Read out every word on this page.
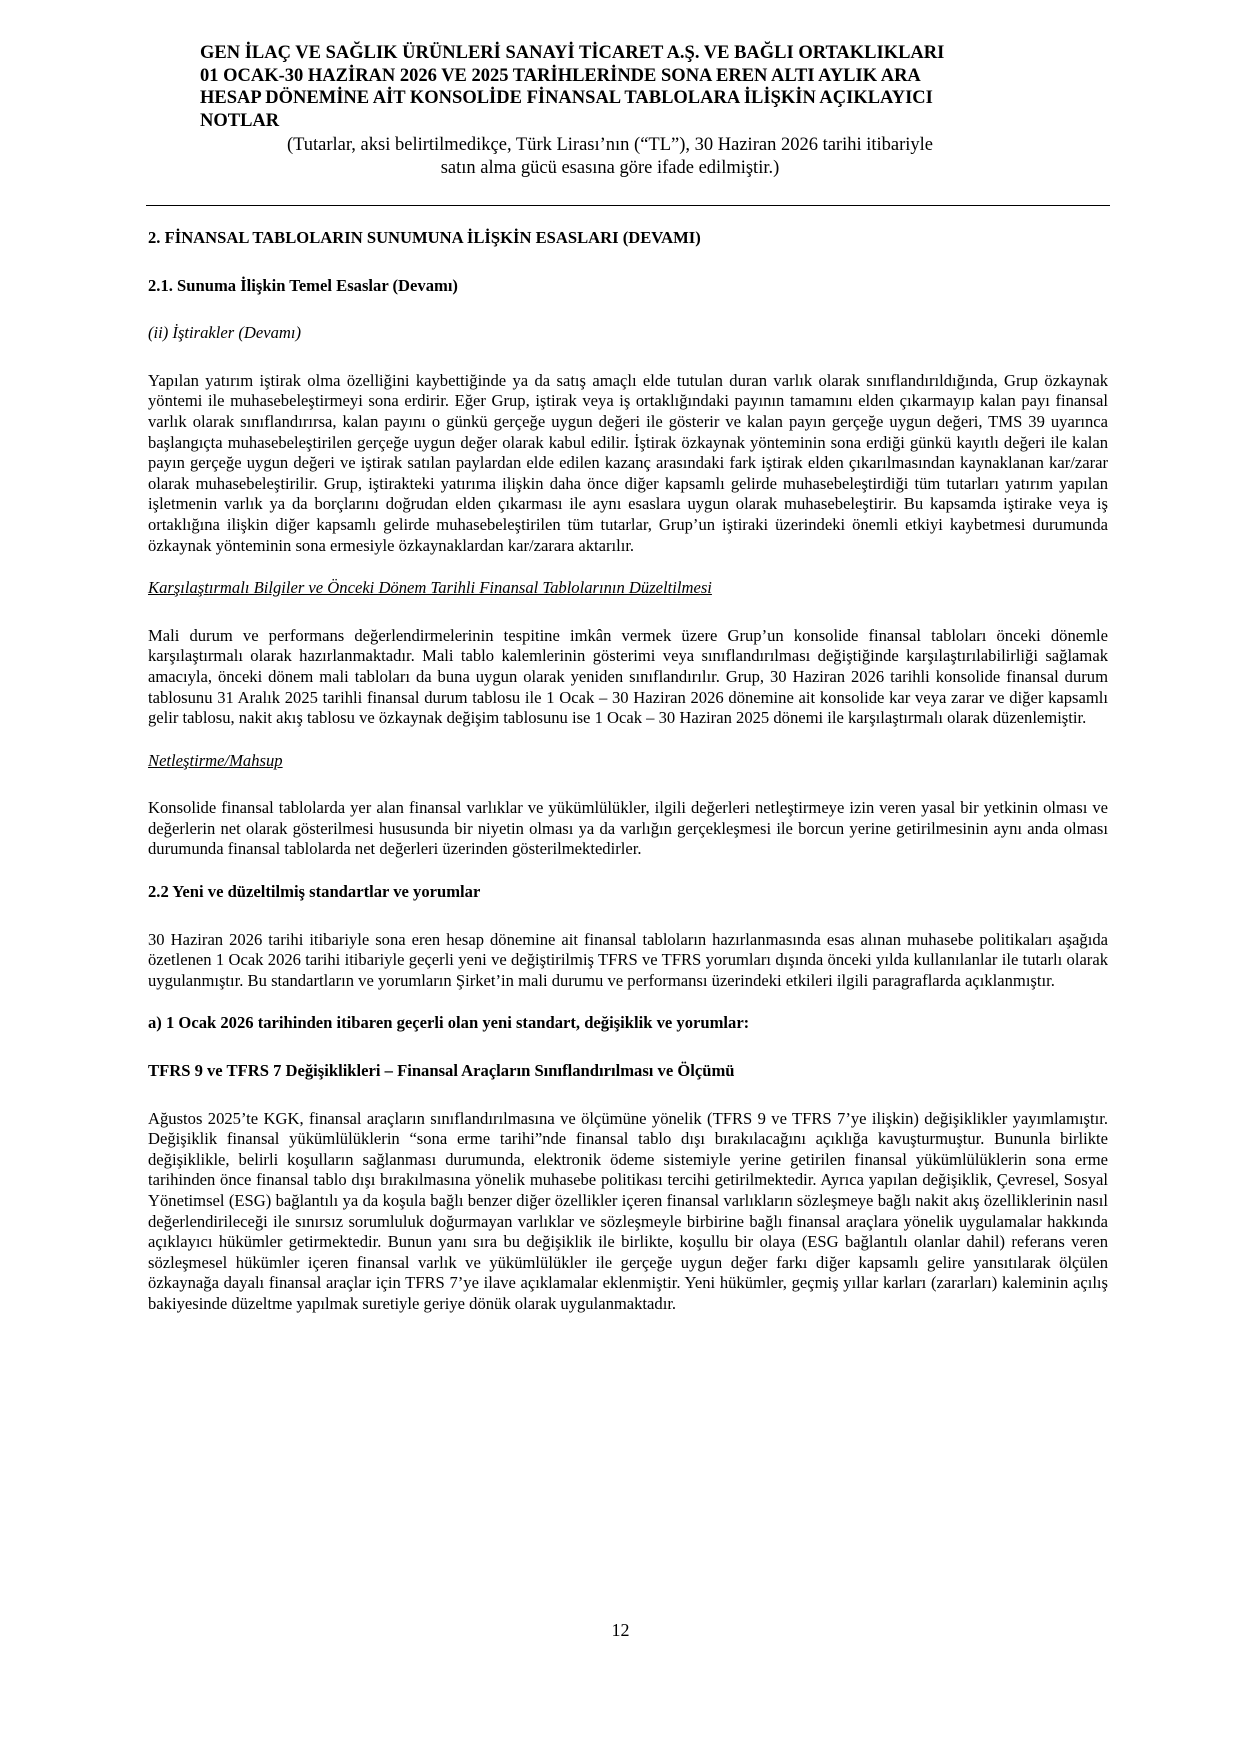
GEN İLAÇ VE SAĞLIK ÜRÜNLERİ SANAYİ TİCARET A.Ş. VE BAĞLI ORTAKLIKLARI

01 OCAK-30 HAZİRAN 2026 VE 2025 TARİHLERİNDE SONA EREN ALTI AYLIK ARA

HESAP DÖNEMİNE AİT KONSOLİDE FİNANSAL TABLOLARA İLİŞKİN AÇIKLAYICI

NOTLAR

(Tutarlar, aksi belirtilmedikçe, Türk Lirası’nın (“TL”), 30 Haziran 2026 tarihi itibariyle

satın alma gücü esasına göre ifade edilmiştir.)

2. FİNANSAL TABLOLARIN SUNUMUNA İLİŞKİN ESASLARI (DEVAMI)

2.1. Sunuma İlişkin Temel Esaslar (Devamı)

(ii) İştirakler (Devamı)

Yapılan yatırım iştirak olma özelliğini kaybettiğinde ya da satış amaçlı elde tutulan duran varlık olarak sınıflandırıldığında, Grup özkaynak yöntemi ile muhasebeleştirmeyi sona erdirir. Eğer Grup, iştirak veya iş ortaklığındaki payının tamamını elden çıkarmayıp kalan payı finansal varlık olarak sınıflandırırsa, kalan payını o günkü gerçeğe uygun değeri ile gösterir ve kalan payın gerçeğe uygun değeri, TMS 39 uyarınca başlangıçta muhasebeleştirilen gerçeğe uygun değer olarak kabul edilir. İştirak özkaynak yönteminin sona erdiği günkü kayıtlı değeri ile kalan payın gerçeğe uygun değeri ve iştirak satılan paylardan elde edilen kazanç arasındaki fark iştirak elden çıkarılmasından kaynaklanan kar/zarar olarak muhasebeleştirilir. Grup, iştirakteki yatırıma ilişkin daha önce diğer kapsamlı gelirde muhasebeleştirdiği tüm tutarları yatırım yapılan işletmenin varlık ya da borçlarını doğrudan elden çıkarması ile aynı esaslara uygun olarak muhasebeleştirir. Bu kapsamda iştirake veya iş ortaklığına ilişkin diğer kapsamlı gelirde muhasebeleştirilen tüm tutarlar, Grup’un iştiraki üzerindeki önemli etkiyi kaybetmesi durumunda özkaynak yönteminin sona ermesiyle özkaynaklardan kar/zarara aktarılır.

Karşılaştırmalı Bilgiler ve Önceki Dönem Tarihli Finansal Tablolarının Düzeltilmesi

Mali durum ve performans değerlendirmelerinin tespitine imkân vermek üzere Grup’un konsolide finansal tabloları önceki dönemle karşılaştırmalı olarak hazırlanmaktadır. Mali tablo kalemlerinin gösterimi veya sınıflandırılması değiştiğinde karşılaştırılabilirliği sağlamak amacıyla, önceki dönem mali tabloları da buna uygun olarak yeniden sınıflandırılır. Grup, 30 Haziran 2026 tarihli konsolide finansal durum tablosunu 31 Aralık 2025 tarihli finansal durum tablosu ile 1 Ocak – 30 Haziran 2026 dönemine ait konsolide kar veya zarar ve diğer kapsamlı gelir tablosu, nakit akış tablosu ve özkaynak değişim tablosunu ise 1 Ocak – 30 Haziran 2025 dönemi ile karşılaştırmalı olarak düzenlemiştir.

Netleştirme/Mahsup

Konsolide finansal tablolarda yer alan finansal varlıklar ve yükümlülükler, ilgili değerleri netleştirmeye izin veren yasal bir yetkinin olması ve değerlerin net olarak gösterilmesi hususunda bir niyetin olması ya da varlığın gerçekleşmesi ile borcun yerine getirilmesinin aynı anda olması durumunda finansal tablolarda net değerleri üzerinden gösterilmektedirler.

2.2 Yeni ve düzeltilmiş standartlar ve yorumlar

30 Haziran 2026 tarihi itibariyle sona eren hesap dönemine ait finansal tabloların hazırlanmasında esas alınan muhasebe politikaları aşağıda özetlenen 1 Ocak 2026 tarihi itibariyle geçerli yeni ve değiştirilmiş TFRS ve TFRS yorumları dışında önceki yılda kullanılanlar ile tutarlı olarak uygulanmıştır. Bu standartların ve yorumların Şirket’in mali durumu ve performansı üzerindeki etkileri ilgili paragraflarda açıklanmıştır.

a) 1 Ocak 2026 tarihinden itibaren geçerli olan yeni standart, değişiklik ve yorumlar:

TFRS 9 ve TFRS 7 Değişiklikleri – Finansal Araçların Sınıflandırılması ve Ölçümü

Ağustos 2025’te KGK, finansal araçların sınıflandırılmasına ve ölçümüne yönelik (TFRS 9 ve TFRS 7’ye ilişkin) değişiklikler yayımlamıştır. Değişiklik finansal yükümlülüklerin “sona erme tarihi”nde finansal tablo dışı bırakılacağını açıklığa kavuşturmuştur. Bununla birlikte değişiklikle, belirli koşulların sağlanması durumunda, elektronik ödeme sistemiyle yerine getirilen finansal yükümlülüklerin sona erme tarihinden önce finansal tablo dışı bırakılmasına yönelik muhasebe politikası tercihi getirilmektedir. Ayrıca yapılan değişiklik, Çevresel, Sosyal Yönetimsel (ESG) bağlantılı ya da koşula bağlı benzer diğer özellikler içeren finansal varlıkların sözleşmeye bağlı nakit akış özelliklerinin nasıl değerlendirileceği ile sınırsız sorumluluk doğurmayan varlıklar ve sözleşmeyle birbirine bağlı finansal araçlara yönelik uygulamalar hakkında açıklayıcı hükümler getirmektedir. Bunun yanı sıra bu değişiklik ile birlikte, koşullu bir olaya (ESG bağlantılı olanlar dahil) referans veren sözleşmesel hükümler içeren finansal varlık ve yükümlülükler ile gerçeğe uygun değer farkı diğer kapsamlı gelire yansıtılarak ölçülen özkaynağa dayalı finansal araçlar için TFRS 7’ye ilave açıklamalar eklenmiştir. Yeni hükümler, geçmiş yıllar karları (zararları) kaleminin açılış bakiyesinde düzeltme yapılmak suretiyle geriye dönük olarak uygulanmaktadır.

12
